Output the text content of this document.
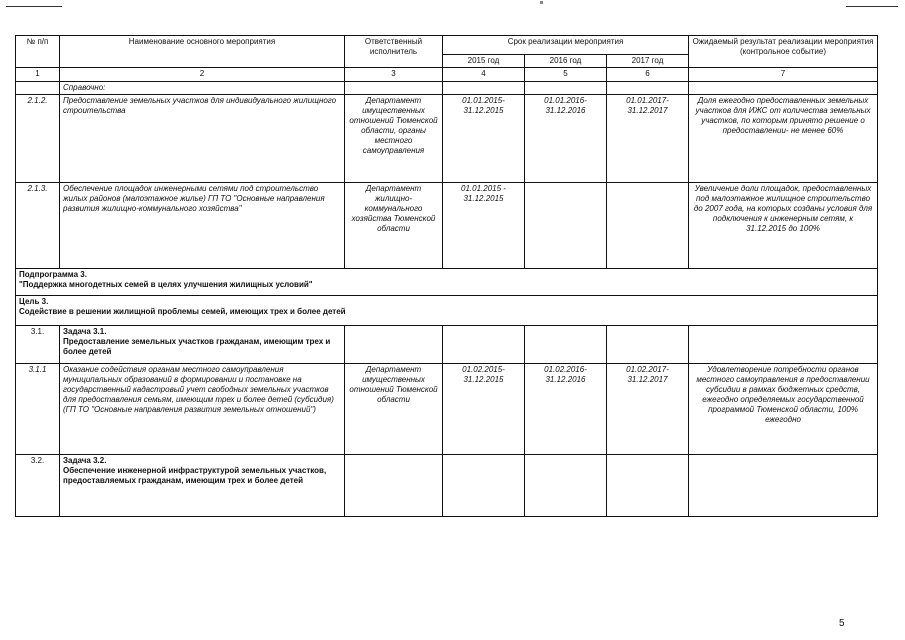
№ п/п	Наименование основного мероприятия	Ответственный исполнитель	Срок реализации мероприятия			Ожидаемый результат реализации мероприятия (контрольное событие)
			2015 год	2016 год	2017 год	
1	2	3	4	5	6	7
	Справочно:					
2.1.2.	Предоставление земельных участков для индивидуального жилищного строительства	Департамент имущественных отношений Тюменской области, органы местного самоуправления	01.01.2015- 31.12.2015	01.01.2016- 31.12.2016	01.01.2017- 31.12.2017	Доля ежегодно предоставленных земельных участков для ИЖС от количества земельных участков, по которым принято решение о предоставлении- не менее 60%
2.1.3.	Обеспечение площадок инженерными сетями под строительство жилых районов (малоэтажное жилье) ГП ТО "Основные направления развития жилищно-коммунального хозяйства"	Департамент жилищно-коммунального хозяйства Тюменской области	01.01.2015 - 31.12.2015			Увеличение доли площадок, предоставленных под малоэтажное жилищное строительство до 2007 года, на которых созданы условия для подключения к инженерным сетям, к 31.12.2015 до 100%

Подпрограмма 3.
"Поддержка многодетных семей в целях улучшения жилищных условий"						

Цель 3.
Содействие в решении жилищной проблемы семей, имеющих трех и более детей						

3.1.	Задача 3.1.
Предоставление земельных участков гражданам, имеющим трех и более детей					

3.1.1	Оказание содействия органам местного самоуправления муниципальных образований в формировании и постановке на государственный кадастровый учет свободных земельных участков для предоставления семьям, имеющим трех и более детей (субсидия) (ГП ТО "Основные направления развития земельных отношений")	Департамент имущественных отношений Тюменской области	01.02.2015- 31.12.2015	01.02.2016- 31.12.2016	01.02.2017- 31.12.2017	Удовлетворение потребности органов местного самоуправления в предоставлении субсидии в рамках бюджетных средств, ежегодно определяемых государственной программой Тюменской области, 100% ежегодно
3.2.	Задача 3.2.
Обеспечение инженерной инфраструктурой земельных участков, предоставляемых гражданам, имеющим трех и более детей					

5
